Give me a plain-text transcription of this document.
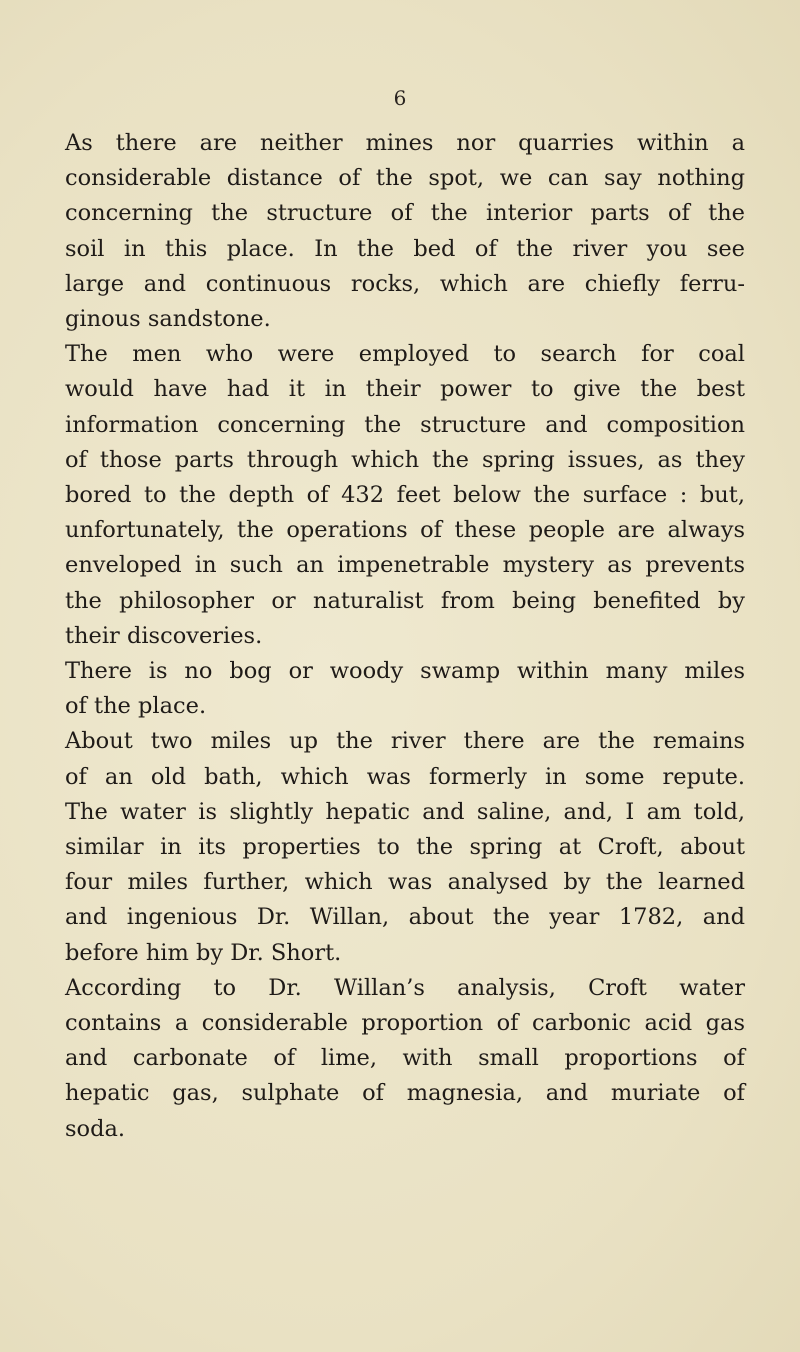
6

As there are neither mines nor quarries within a
considerable distance of the spot, we can say nothing
concerning the structure of the interior parts of the
soil in this place. In the bed of the river you see
large and continuous rocks, which are chiefly ferru-
ginous sandstone.

The men who were employed to search for coal
would have had it in their power to give the best
information concerning the structure and composition
of those parts through which the spring issues, as they
bored to the depth of 432 feet below the surface : but,
unfortunately, the operations of these people are always
enveloped in such an impenetrable mystery as prevents
the philosopher or naturalist from being benefited by
their discoveries.

There is no bog or woody swamp within many miles
of the place.

About two miles up the river there are the remains
of an old bath, which was formerly in some repute.
The water is slightly hepatic and saline, and, I am told,
similar in its properties to the spring at Croft, about
four miles further, which was analysed by the learned
and ingenious Dr. Willan, about the year 1782, and
before him by Dr. Short.

According to Dr. Willan’s analysis, Croft water
contains a considerable proportion of carbonic acid gas
and carbonate of lime, with small proportions of
hepatic gas, sulphate of magnesia, and muriate of
soda.
